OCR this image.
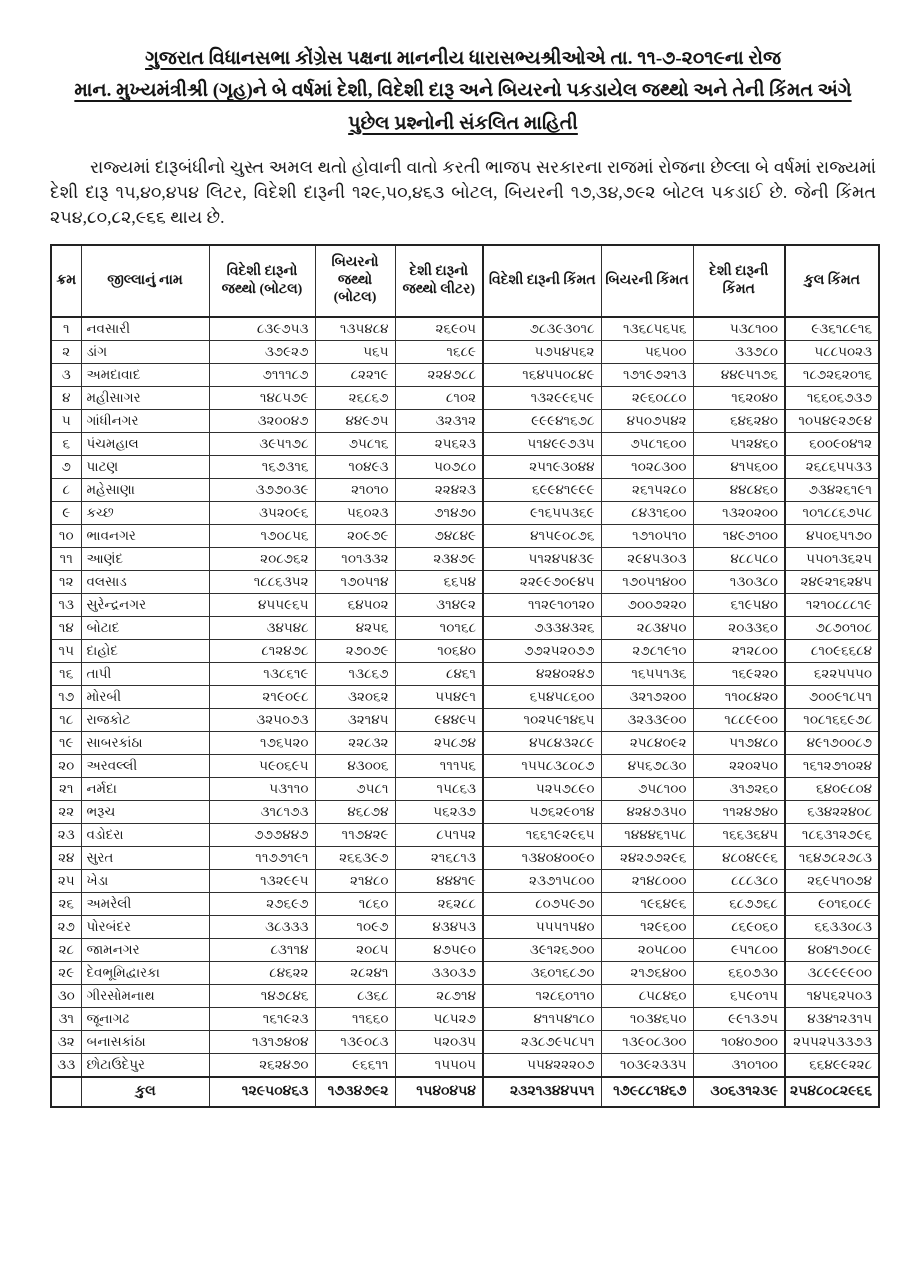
ગુજરાત વિધાનસભા કોંગ્રેસ પક્ષના માનનીય ધારાસભ્યશ્રીઓએ તા. ૧૧-૭-૨૦૧૯ના રોજ
માન. મુખ્યમંત્રીશ્રી (ગૃહ)ને બે વર્ષમાં દેશી, વિદેશી દારૂ અને બિયરનો પકડાયેલ જથ્થો અને તેની કિંમત અંગે
પુછેલ પ્રશ્નોની સંકલિત માહિતી

રાજ્યમાં દારૂબંધીનો ચુસ્ત અમલ થતો હોવાની વાતો કરતી ભાજપ સરકારના રાજમાં રોજના છેલ્લા બે વર્ષમાં રાજ્યમાં દેશી દારૂ ૧૫,૪૦,૪૫૪ લિટર, વિદેશી દારૂની ૧૨૯,૫૦,૪૬૩ બોટલ, બિયરની ૧૭,૩૪,૭૯૨ બોટલ પકડાઈ છે. જેની કિંમત ૨૫૪,૮૦,૮૨,૯૬૬ થાય છે.

ક્રમ	જીલ્લાનું નામ	વિદેશી દારૂનો જથ્થો (બોટલ)	બિયરનો જથ્થો (બોટલ)	દેશી દારૂનો જથ્થો લીટર)	વિદેશી દારૂની કિંમત	બિયરની કિંમત	દેશી દારૂની કિંમત	કુલ કિંમત
૧	નવસારી	૮૩૯૭૫૩	૧૩૫૪૮૪	૨૬૯૦૫	૭૮૩૯૩૦૧૮	૧૩૬૮૫૬૫૬	૫૩૮૧૦૦	૯૩૬૧૮૯૧૬
૨	ડાંગ	૩૭૯૨૭	૫૬૫	૧૬૮૯	૫૭૫૪૫૬૨	૫૬૫૦૦	૩૩૭૮૦	૫૮૮૫૦૨૩
૩	અમદાવાદ	૭૧૧૧૮૭	૮૨૨૧૯	૨૨૪૭૮૮	૧૬૪૫૫૦૮૪૯	૧૭૧૯૭૨૧૩	૪૪૯૫૧૭૬	૧૮૭૨૬૨૦૧૬
૪	મહીસાગર	૧૪૮૫૭૯	૨૬૮૬૭	૮૧૦૨	૧૩૨૯૯૬૫૯	૨૯૬૦૮૮૦	૧૬૨૦૪૦	૧૬૬૦૬૭૩૭
૫	ગાંધીનગર	૩૨૦૦૪૭	૪૪૯૭૫	૩૨૩૧૨	૯૯૯૪૧૬૭૮	૪૫૦૭૫૪૨	૬૪૬૨૪૦	૧૦૫૪૯૨૭૯૪
૬	પંચમહાલ	૩૯૫૧૭૮	૭૫૮૧૬	૨૫૬૨૩	૫૧૪૯૯૭૩૫	૭૫૮૧૬૦૦	૫૧૨૪૬૦	૬૦૦૯૦૪૧૨
૭	પાટણ	૧૬૭૩૧૬	૧૦૪૯૩	૫૦૭૮૦	૨૫૧૯૩૦૪૪	૧૦૨૮૩૦૦	૪૧૫૬૦૦	૨૬૮૬૫૫૩૩
૮	મહેસાણા	૩૭૭૦૩૯	૨૧૦૧૦	૨૨૪૨૩	૬૯૯૪૧૯૯૯	૨૬૧૫૨૮૦	૪૪૮૪૬૦	૭૩૪૨૬૧૯૧
૯	કચ્છ	૩૫૨૦૯૬	૫૬૦૨૩	૭૧૪૭૦	૯૧૬૫૫૩૬૯	૮૪૩૧૬૦૦	૧૩૨૦૨૦૦	૧૦૧૮૮૬૭૫૮
૧૦	ભાવનગર	૧૭૦૮૫૬	૨૦૯૭૯	૭૪૮૪૯	૪૧૫૯૦૮૭૬	૧૭૧૦૫૧૦	૧૪૯૭૧૦૦	૪૫૦૬૫૧૭૦
૧૧	આણંદ	૨૦૮૭૬૨	૧૦૧૩૩૨	૨૩૪૭૯	૫૧૨૪૫૪૩૯	૨૯૪૫૩૦૩	૪૮૮૫૮૦	૫૫૦૧૩૬૨૫
૧૨	વલસાડ	૧૮૮૬૩૫૨	૧૭૦૫૧૪	૬૬૫૪	૨૨૯૯૭૦૯૪૫	૧૭૦૫૧૪૦૦	૧૩૦૩૮૦	૨૪૯૨૧૬૨૪૫
૧૩	સુરેન્દ્રનગર	૪૫૫૯૬૫	૬૪૫૦૨	૩૧૪૯૨	૧૧૨૯૧૦૧૨૦	૭૦૦૭૨૨૦	૬૧૯૫૪૦	૧૨૧૦૮૮૮૧૯
૧૪	બોટાદ	૩૪૫૪૮	૪૨૫૬	૧૦૧૬૮	૭૩૩૪૩૨૬	૨૮૩૪૫૦	૨૦૩૩૬૦	૭૮૭૦૧૦૮
૧૫	દાહોદ	૮૧૨૪૭૮	૨૭૦૭૯	૧૦૬૪૦	૭૭૨૫૨૦૭૭	૨૭૮૧૯૧૦	૨૧૨૮૦૦	૮૧૦૯૬૬૮૪
૧૬	તાપી	૧૩૮૬૧૯	૧૩૮૬૭	૮૪૬૧	૪૨૪૦૨૪૭	૧૬૫૫૧૩૬	૧૬૯૨૨૦	૬૨૨૫૫૫૦
૧૭	મોરબી	૨૧૯૦૯૮	૩૨૦૬૨	૫૫૪૯૧	૬૫૪૫૮૬૦૦	૩૨૧૭૨૦૦	૧૧૦૮૪૨૦	૭૦૦૯૧૮૫૧
૧૮	રાજકોટ	૩૨૫૦૭૩	૩૨૧૪૫	૯૪૪૯૫	૧૦૨૫૯૧૪૬૫	૩૨૩૩૯૦૦	૧૮૮૯૯૦૦	૧૦૮૧૬૬૯૭૮
૧૯	સાબરકાંઠા	૧૭૬૫૨૦	૨૨૮૩૨	૨૫૮૭૪	૪૫૮૪૩૨૮૯	૨૫૮૪૦૯૨	૫૧૭૪૮૦	૪૯૧૭૦૦૮૭
૨૦	અરવલ્લી	૫૯૦૬૯૫	૪૩૦૦૬	૧૧૧૫૬	૧૫૫૮૩૮૦૮૭	૪૫૬૭૮૩૦	૨૨૦૨૫૦	૧૬૧૨૭૧૦૨૪
૨૧	નર્મદા	૫૩૧૧૦	૭૫૮૧	૧૫૮૬૩	૫૨૫૭૮૯૦	૭૫૮૧૦૦	૩૧૭૨૬૦	૬૪૦૯૮૦૪
૨૨	ભરૂચ	૩૧૮૧૭૩	૪૬૮૭૪	૫૬૨૩૭	૫૭૬૨૯૦૧૪	૪૨૪૭૩૫૦	૧૧૨૪૭૪૦	૬૩૪૨૨૪૦૮
૨૩	વડોદરા	૭૭૭૪૪૭	૧૧૭૪૨૯	૮૫૧૫૨	૧૬૬૧૯૨૯૬૫	૧૪૪૪૬૧૫૮	૧૬૬૩૬૪૫	૧૮૬૩૧૨૭૯૬
૨૪	સુરત	૧૧૭૭૧૯૧	૨૬૬૩૯૭	૨૧૬૮૧૩	૧૩૪૦૪૦૦૯૦	૨૪૨૭૭૨૯૬	૪૮૦૪૯૯૬	૧૬૪૭૮૨૭૮૩
૨૫	ખેડા	૧૩૨૯૯૫	૨૧૪૮૦	૪૪૪૧૯	૨૩૭૧૫૮૦૦	૨૧૪૮૦૦૦	૮૮૮૩૮૦	૨૬૯૫૧૦૭૪
૨૬	અમરેલી	૨૭૬૯૭	૧૮૬૦	૨૬૨૮૮	૮૦૭૫૯૭૦	૧૯૬૪૯૬	૬૮૭૭૬૮	૯૦૧૬૦૮૯
૨૭	પોરબંદર	૩૮૩૩૩	૧૦૯૭	૪૩૪૫૩	૫૫૫૧૫૪૦	૧૨૯૬૦૦	૮૬૯૦૬૦	૬૬૩૩૦૮૩
૨૮	જામનગર	૮૩૧૧૪	૨૦૮૫	૪૭૫૯૦	૩૯૧૨૬૭૦૦	૨૦૫૮૦૦	૯૫૧૮૦૦	૪૦૪૧૭૦૮૯
૨૯	દેવભૂમિદ્વારકા	૮૪૬૨૨	૨૮૨૪૧	૩૩૦૩૭	૩૬૦૧૬૮૭૦	૨૧૭૬૪૦૦	૬૬૦૭૩૦	૩૮૯૯૯૯૦૦
૩૦	ગીરસોમનાથ	૧૪૭૮૪૬	૮૩૬૮	૨૮૭૧૪	૧૨૮૬૦૧૧૦	૮૫૮૪૬૦	૬૫૯૦૧૫	૧૪૫૬૨૫૦૩
૩૧	જૂનાગઢ	૧૬૧૯૨૩	૧૧૬૬૦	૫૮૫૨૭	૪૧૧૫૪૧૮૦	૧૦૩૪૬૫૦	૯૯૧૩૭૫	૪૩૪૧૨૩૧૫
૩૨	બનાસકાંઠા	૧૩૧૭૪૦૪	૧૩૯૦૮૩	૫૨૦૩૫	૨૩૮૭૯૫૮૫૧	૧૩૯૦૮૩૦૦	૧૦૪૦૭૦૦	૨૫૫૨૫૩૩૭૩
૩૩	છોટાઉદેપુર	૨૬૨૪૭૦	૯૬૬૧૧	૧૫૫૦૫	૫૫૪૨૨૨૦૭	૧૦૩૯૨૩૩૫	૩૧૦૧૦૦	૬૬૪૯૯૨૨૮
	કુલ	૧૨૯૫૦૪૬૩	૧૭૩૪૭૯૨	૧૫૪૦૪૫૪	૨૩૨૧૩૪૪૫૫૧	૧૭૯૮૮૧૪૬૭	૩૦૬૩૧૨૩૯	૨૫૪૮૦૮૨૯૬૬
